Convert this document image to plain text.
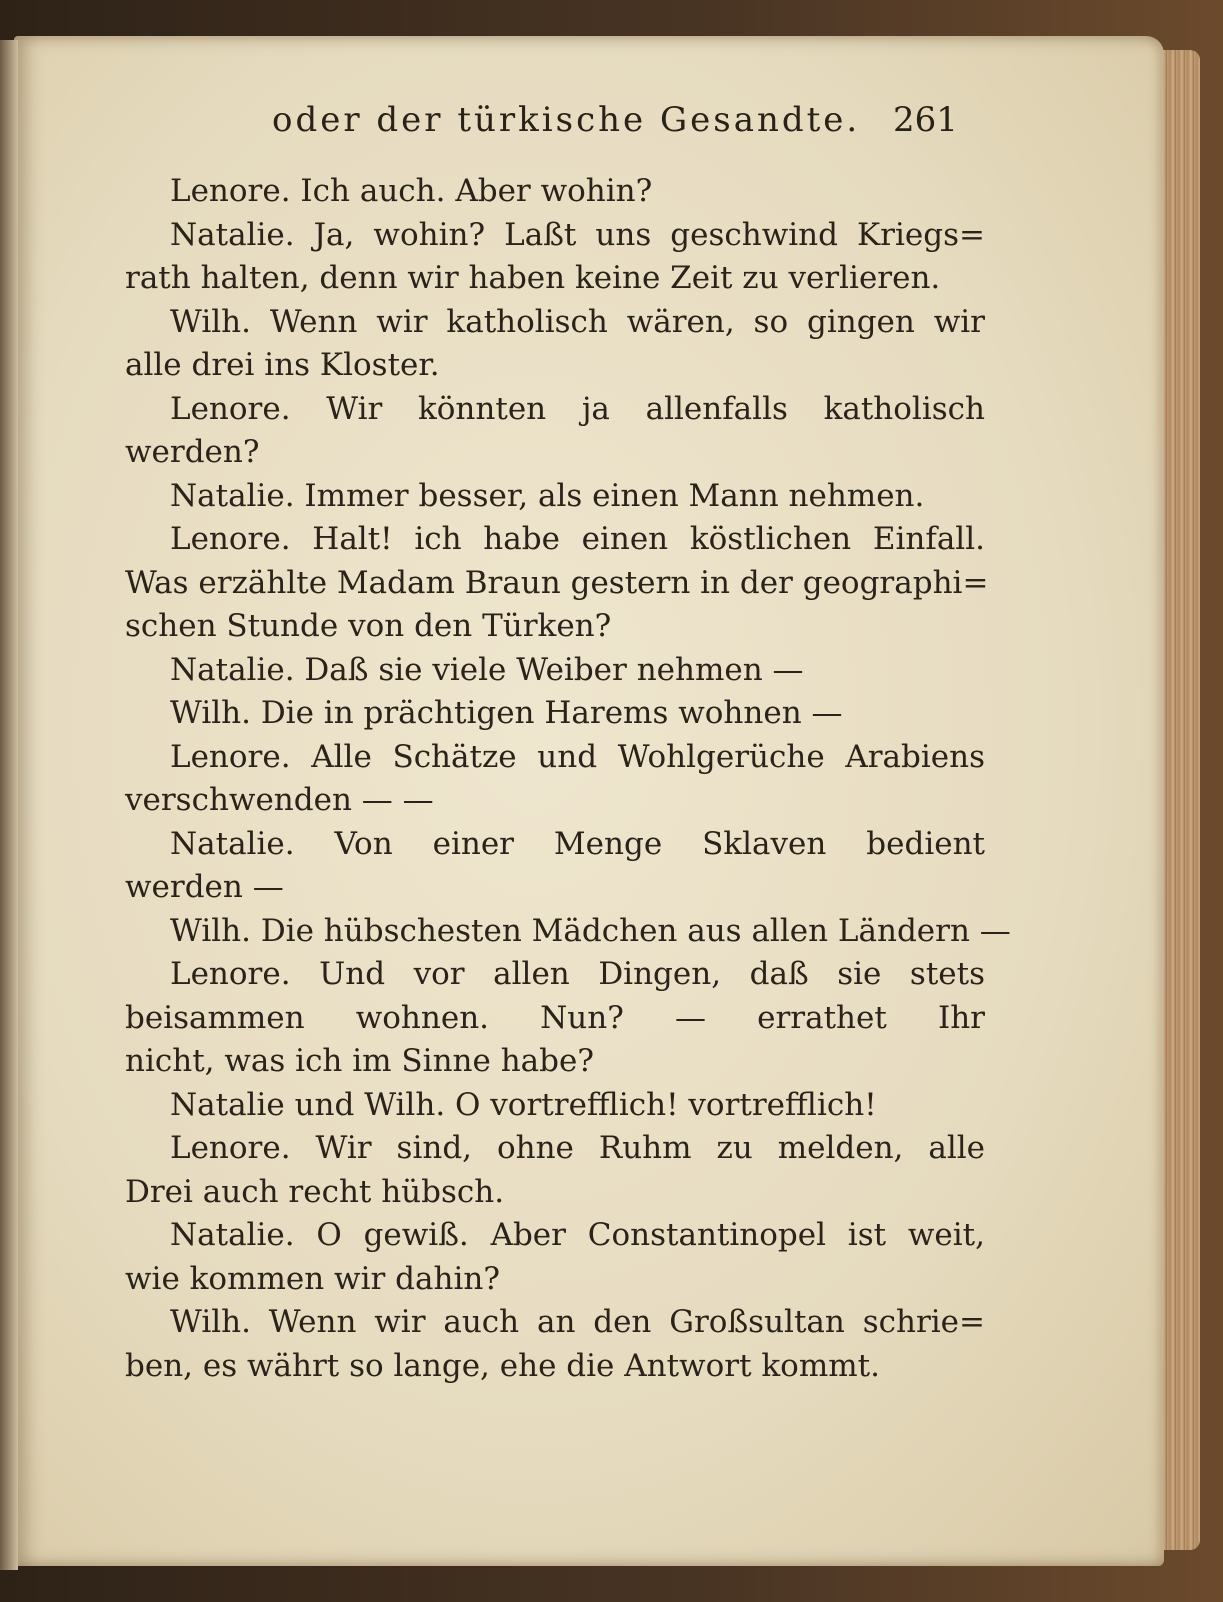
oder der türkische Gesandte. 261
Lenore. Ich auch. Aber wohin?
Natalie. Ja, wohin? Laßt uns geschwind Kriegs=
rath halten, denn wir haben keine Zeit zu verlieren.
Wilh. Wenn wir katholisch wären, so gingen wir
alle drei ins Kloster.
Lenore. Wir könnten ja allenfalls katholisch
werden?
Natalie. Immer besser, als einen Mann nehmen.
Lenore. Halt! ich habe einen köstlichen Einfall.
Was erzählte Madam Braun gestern in der geographi=
schen Stunde von den Türken?
Natalie. Daß sie viele Weiber nehmen —
Wilh. Die in prächtigen Harems wohnen —
Lenore. Alle Schätze und Wohlgerüche Arabiens
verschwenden — —
Natalie. Von einer Menge Sklaven bedient
werden —
Wilh. Die hübschesten Mädchen aus allen Ländern —
Lenore. Und vor allen Dingen, daß sie stets
beisammen wohnen. Nun? — errathet Ihr
nicht, was ich im Sinne habe?
Natalie und Wilh. O vortrefflich! vortrefflich!
Lenore. Wir sind, ohne Ruhm zu melden, alle
Drei auch recht hübsch.
Natalie. O gewiß. Aber Constantinopel ist weit,
wie kommen wir dahin?
Wilh. Wenn wir auch an den Großsultan schrie=
ben, es währt so lange, ehe die Antwort kommt.
